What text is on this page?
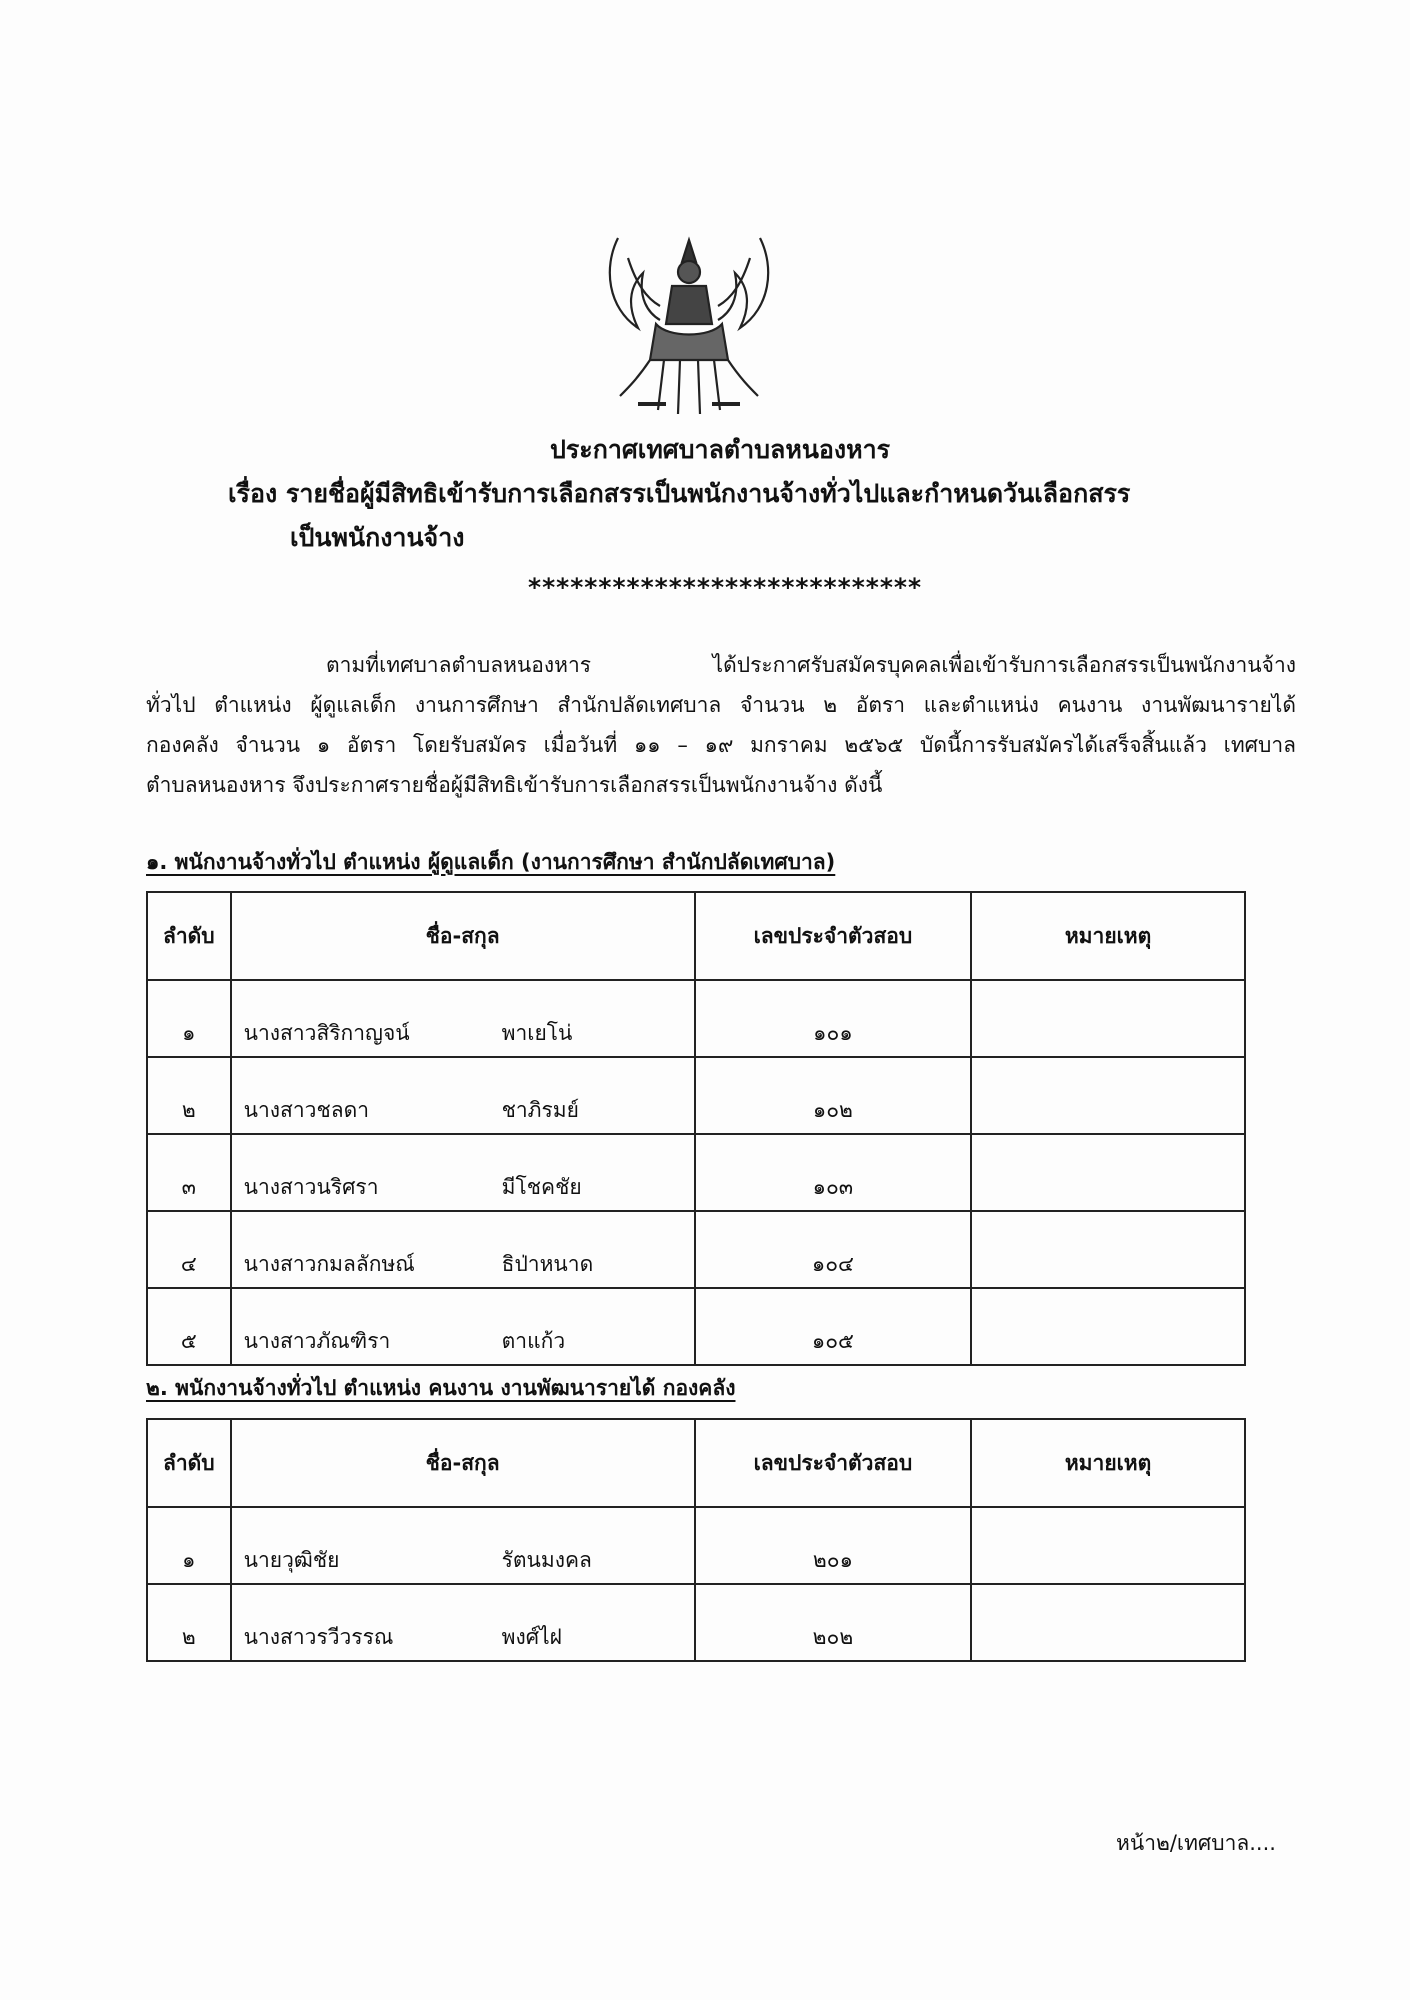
ประกาศเทศบาลตำบลหนองหาร
เรื่อง รายชื่อผู้มีสิทธิเข้ารับการเลือกสรรเป็นพนักงานจ้างทั่วไปและกำหนดวันเลือกสรร
เป็นพนักงานจ้าง
****************************

ตามที่เทศบาลตำบลหนองหาร ได้ประกาศรับสมัครบุคคลเพื่อเข้ารับการเลือกสรรเป็นพนักงานจ้าง

ทั่วไป ตำแหน่ง ผู้ดูแลเด็ก งานการศึกษา สำนักปลัดเทศบาล จำนวน ๒ อัตรา และตำแหน่ง คนงาน งานพัฒนารายได้

กองคลัง จำนวน ๑ อัตรา โดยรับสมัคร เมื่อวันที่ ๑๑ – ๑๙ มกราคม ๒๕๖๕ บัดนี้การรับสมัครได้เสร็จสิ้นแล้ว เทศบาล

ตำบลหนองหาร จึงประกาศรายชื่อผู้มีสิทธิเข้ารับการเลือกสรรเป็นพนักงานจ้าง ดังนี้

๑. พนักงานจ้างทั่วไป ตำแหน่ง ผู้ดูแลเด็ก (งานการศึกษา สำนักปลัดเทศบาล)
ลำดับ	ชื่อ-สกุล	เลขประจำตัวสอบ	หมายเหตุ
๑	นางสาวสิริกาญจน์ พาเยโน่	๑๐๑	
๒	นางสาวชลดา ชาภิรมย์	๑๐๒	
๓	นางสาวนริศรา มีโชคชัย	๑๐๓	
๔	นางสาวกมลลักษณ์ ธิป่าหนาด	๑๐๔	
๕	นางสาวภัณฑิรา ตาแก้ว	๑๐๕	
๒. พนักงานจ้างทั่วไป ตำแหน่ง คนงาน งานพัฒนารายได้ กองคลัง
ลำดับ	ชื่อ-สกุล	เลขประจำตัวสอบ	หมายเหตุ
๑	นายวุฒิชัย รัตนมงคล	๒๐๑	
๒	นางสาวรวีวรรณ พงศ์ไฝ	๒๐๒	
หน้า๒/เทศบาล....
